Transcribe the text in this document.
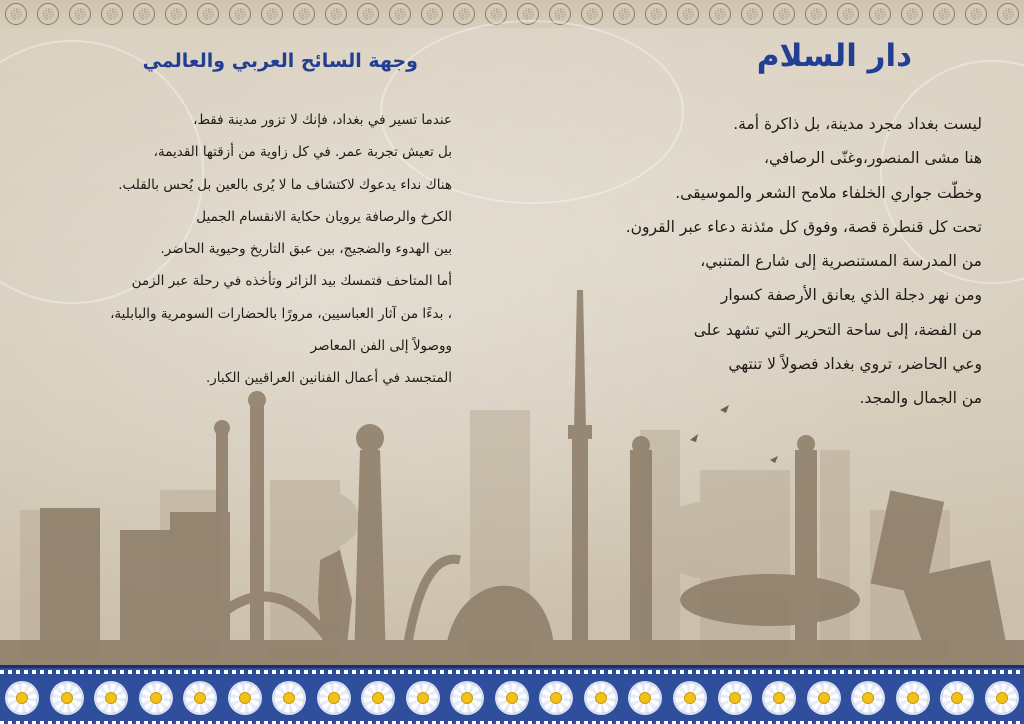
دار السلام

ليست بغداد مجرد مدينة، بل ذاكرة أمة.

هنا مشى المنصور،وغنّى الرصافي،

وخطّت جواري الخلفاء ملامح الشعر والموسيقى.

تحت كل قنطرة قصة، وفوق كل مئذنة دعاء عبر القرون.

من المدرسة المستنصرية إلى شارع المتنبي،

ومن نهر دجلة الذي يعانق الأرصفة كسوار

من الفضة، إلى ساحة التحرير التي تشهد على

وعي الحاضر، تروي بغداد فصولاً لا تنتهي

من الجمال والمجد.

وجهة السائح العربي والعالمي

عندما تسير في بغداد، فإنك لا تزور مدينة فقط،

بل تعيش تجربة عمر. في كل زاوية من أزقتها القديمة،

هناك نداء يدعوك لاكتشاف ما لا يُرى بالعين بل يُحس بالقلب.

الكرخ والرصافة يرويان حكاية الانقسام الجميل

بين الهدوء والضجيج، بين عبق التاريخ وحيوية الحاضر.

أما المتاحف فتمسك بيد الزائر وتأخذه في رحلة عبر الزمن

، بدءًا من آثار العباسيين، مرورًا بالحضارات السومرية والبابلية،

ووصولاً إلى الفن المعاصر

المتجسد في أعمال الفنانين العراقيين الكبار.
